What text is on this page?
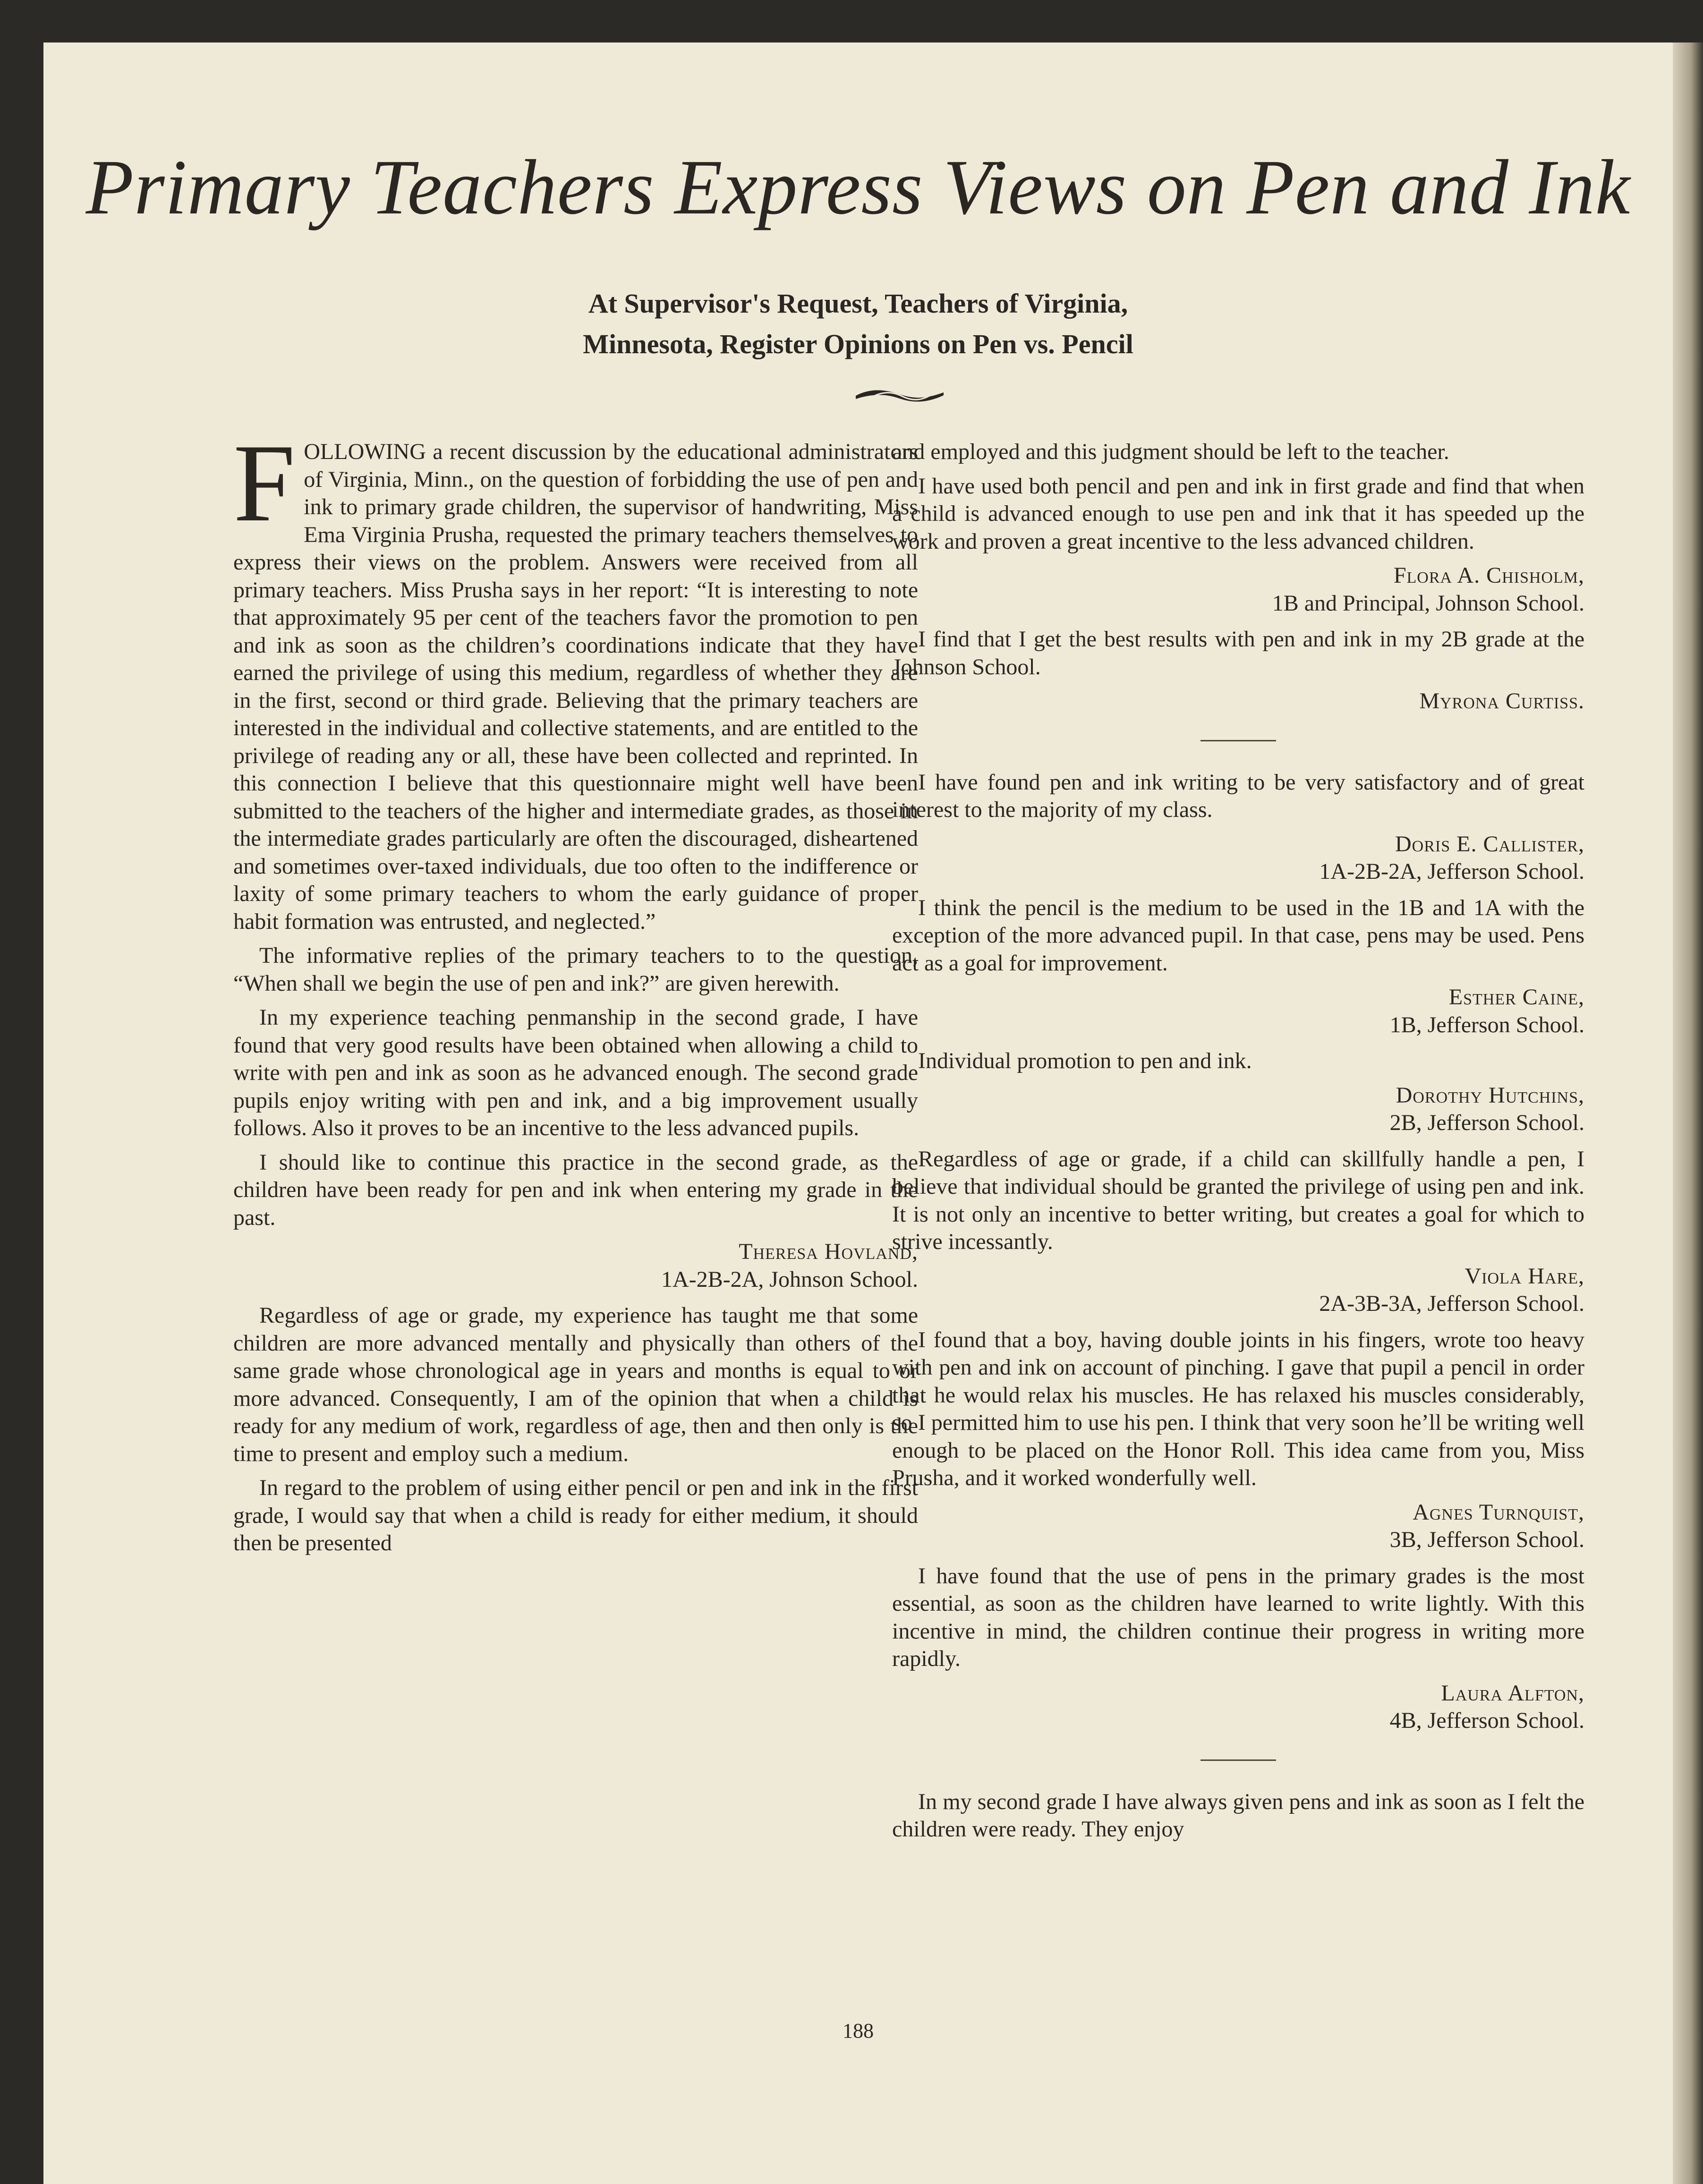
Primary Teachers Express Views on Pen and Ink
At Supervisor's Request, Teachers of Virginia,
Minnesota, Register Opinions on Pen vs. Pencil

FOLLOWING a recent discussion by the educational administrators of Virginia, Minn., on the question of forbidding the use of pen and ink to primary grade children, the supervisor of handwriting, Miss Ema Virginia Prusha, requested the primary teachers themselves to express their views on the problem. Answers were received from all primary teachers. Miss Prusha says in her report: “It is interesting to note that approximately 95 per cent of the teachers favor the promotion to pen and ink as soon as the children’s coordinations indicate that they have earned the privilege of using this medium, regardless of whether they are in the first, second or third grade. Believing that the primary teachers are interested in the individual and collective statements, and are entitled to the privilege of reading any or all, these have been collected and reprinted. In this connection I believe that this questionnaire might well have been submitted to the teachers of the higher and intermediate grades, as those in the intermediate grades particularly are often the discouraged, disheartened and sometimes over-taxed individuals, due too often to the indifference or laxity of some primary teachers to whom the early guidance of proper habit formation was entrusted, and neglected.”

The informative replies of the primary teachers to to the question, “When shall we begin the use of pen and ink?” are given herewith.

In my experience teaching penmanship in the second grade, I have found that very good results have been obtained when allowing a child to write with pen and ink as soon as he advanced enough. The second grade pupils enjoy writing with pen and ink, and a big improvement usually follows. Also it proves to be an incentive to the less advanced pupils.

I should like to continue this practice in the second grade, as the children have been ready for pen and ink when entering my grade in the past.

Theresa Hovland,
1A-2B-2A, Johnson School.

Regardless of age or grade, my experience has taught me that some children are more advanced mentally and physically than others of the same grade whose chronological age in years and months is equal to or more advanced. Consequently, I am of the opinion that when a child is ready for any medium of work, regardless of age, then and then only is the time to present and employ such a medium.

In regard to the problem of using either pencil or pen and ink in the first grade, I would say that when a child is ready for either medium, it should then be presented

and employed and this judgment should be left to the teacher.

I have used both pencil and pen and ink in first grade and find that when a child is advanced enough to use pen and ink that it has speeded up the work and proven a great incentive to the less advanced children.

Flora A. Chisholm,
1B and Principal, Johnson School.

I find that I get the best results with pen and ink in my 2B grade at the Johnson School.

Myrona Curtiss.

I have found pen and ink writing to be very satisfactory and of great interest to the majority of my class.

Doris E. Callister,
1A-2B-2A, Jefferson School.

I think the pencil is the medium to be used in the 1B and 1A with the exception of the more advanced pupil. In that case, pens may be used. Pens act as a goal for improvement.

Esther Caine,
1B, Jefferson School.

Individual promotion to pen and ink.

Dorothy Hutchins,
2B, Jefferson School.

Regardless of age or grade, if a child can skillfully handle a pen, I believe that individual should be granted the privilege of using pen and ink. It is not only an incentive to better writing, but creates a goal for which to strive incessantly.

Viola Hare,
2A-3B-3A, Jefferson School.

I found that a boy, having double joints in his fingers, wrote too heavy with pen and ink on account of pinching. I gave that pupil a pencil in order that he would relax his muscles. He has relaxed his muscles considerably, so I permitted him to use his pen. I think that very soon he’ll be writing well enough to be placed on the Honor Roll. This idea came from you, Miss Prusha, and it worked wonderfully well.

Agnes Turnquist,
3B, Jefferson School.

I have found that the use of pens in the primary grades is the most essential, as soon as the children have learned to write lightly. With this incentive in mind, the children continue their progress in writing more rapidly.

Laura Alfton,
4B, Jefferson School.

In my second grade I have always given pens and ink as soon as I felt the children were ready. They enjoy

188
